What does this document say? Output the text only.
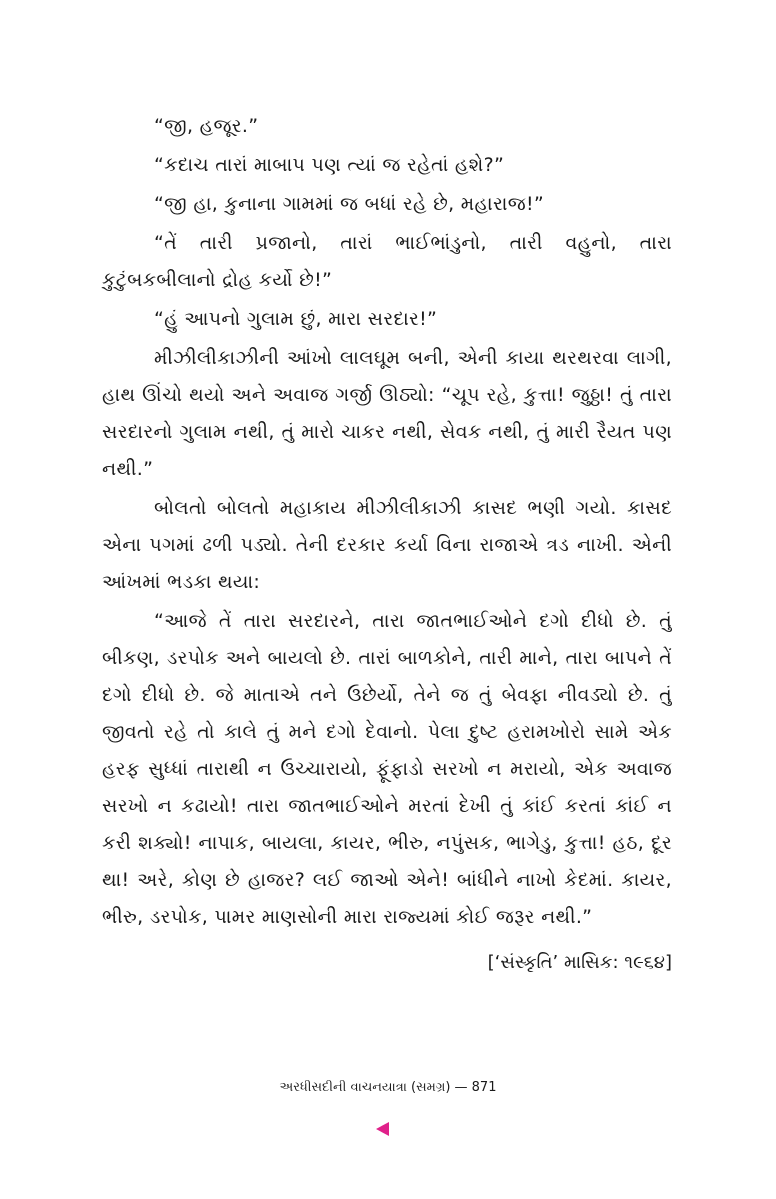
“જી, હજૂર.”

“કદાચ તારાં માબાપ પણ ત્યાં જ રહેતાં હશે?”

“જી હા, કુનાના ગામમાં જ બધાં રહે છે, મહારાજ!”

“તેં તારી પ્રજાનો, તારાં ભાઈભાંડુનો, તારી વહુનો, તારા કુટુંબકબીલાનો દ્રોહ કર્યો છે!”

“હું આપનો ગુલામ છું, મારા સરદાર!”

મીઝીલીકાઝીની આંખો લાલઘૂમ બની, એની કાયા થરથરવા લાગી, હાથ ઊંચો થયો અને અવાજ ગર્જી ઊઠ્યો: “ચૂપ રહે, કુત્તા! જુઠ્ઠા! તું તારા સરદારનો ગુલામ નથી, તું મારો ચાકર નથી, સેવક નથી, તું મારી રૈયત પણ નથી.”

બોલતો બોલતો મહાકાય મીઝીલીકાઝી કાસદ ભણી ગયો. કાસદ એના પગમાં ઢળી પડ્યો. તેની દરકાર કર્યા વિના રાજાએ ત્રડ નાખી. એની આંખમાં ભડકા થયા:

“આજે તેં તારા સરદારને, તારા જાતભાઈઓને દગો દીધો છે. તું બીકણ, ડરપોક અને બાયલો છે. તારાં બાળકોને, તારી માને, તારા બાપને તેં દગો દીધો છે. જે માતાએ તને ઉછેર્યો, તેને જ તું બેવફા નીવડ્યો છે. તું જીવતો રહે તો કાલે તું મને દગો દેવાનો. પેલા દુષ્ટ હરામખોરો સામે એક હરફ સુધ્ધાં તારાથી ન ઉચ્ચારાયો, ફૂંફાડો સરખો ન મરાયો, એક અવાજ સરખો ન કઢાયો! તારા જાતભાઈઓને મરતાં દેખી તું કાંઈ કરતાં કાંઈ ન કરી શક્યો! નાપાક, બાયલા, કાયર, ભીરુ, નપુંસક, ભાગેડુ, કુત્તા! હઠ, દૂર થા! અરે, કોણ છે હાજર? લઈ જાઓ એને! બાંધીને નાખો કેદમાં. કાયર, ભીરુ, ડરપોક, પામર માણસોની મારા રાજ્યમાં કોઈ જરૂર નથી.”

[‘સંસ્કૃતિ’ માસિક: ૧૯૬૪]

અરધીસદીની વાચનયાત્રા (સમગ્ર) — 871
